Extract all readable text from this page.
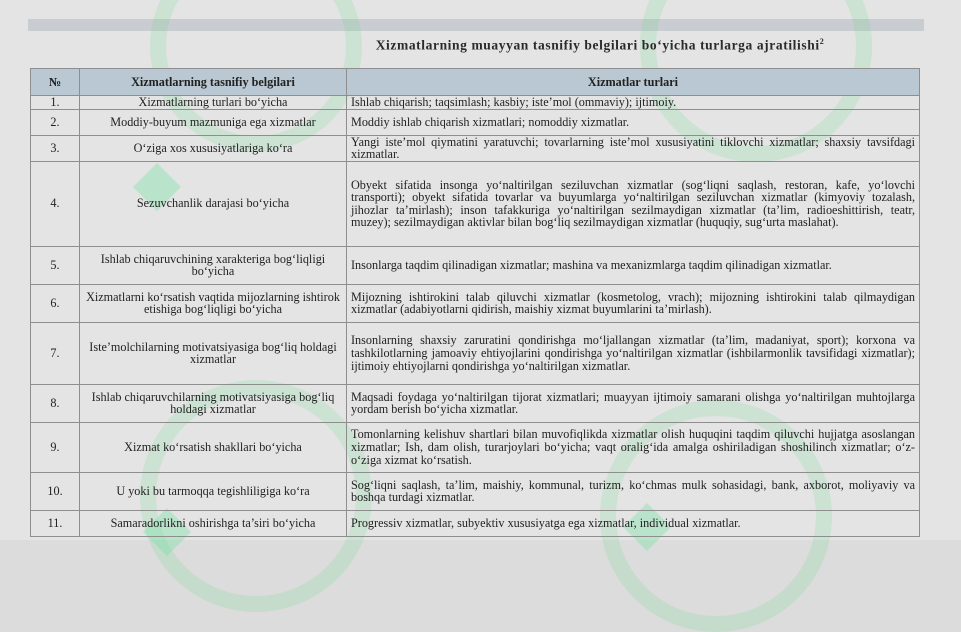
Xizmatlarning muayyan tasnifiy belgilari bo‘yicha turlarga ajratilishi$^2$
№	Xizmatlarning tasnifiy belgilari	Xizmatlar turlari
1.	Xizmatlarning turlari bo‘yicha	Ishlab chiqarish; taqsimlash; kasbiy; iste’mol (ommaviy); ijtimoiy.
2.	Moddiy-buyum mazmuniga ega xizmatlar	Moddiy ishlab chiqarish xizmatlari; nomoddiy xizmatlar.
3.	O‘ziga xos xususiyatlariga ko‘ra	Yangi iste’mol qiymatini yaratuvchi; tovarlarning iste’mol xususiyatini tiklovchi xizmatlar; shaxsiy tavsifdagi xizmatlar.
4.	Sezuvchanlik darajasi bo‘yicha	Obyekt sifatida insonga yo‘naltirilgan seziluvchan xizmatlar (sog‘liqni saqlash, restoran, kafe, yo‘lovchi transporti); obyekt sifatida tovarlar va buyumlarga yo‘naltirilgan seziluvchan xizmatlar (kimyoviy tozalash, jihozlar ta’mirlash); inson tafakkuriga yo‘naltirilgan sezilmaydigan xizmatlar (ta’lim, radioeshittirish, teatr, muzey); sezilmaydigan aktivlar bilan bog‘liq sezilmaydigan xizmatlar (huquqiy, sug‘urta maslahat).
5.	Ishlab chiqaruvchining xarakteriga bog‘liqligi bo‘yicha	Insonlarga taqdim qilinadigan xizmatlar; mashina va mexanizmlarga taqdim qilinadigan xizmatlar.
6.	Xizmatlarni ko‘rsatish vaqtida mijozlarning ishtirok etishiga bog‘liqligi bo‘yicha	Mijozning ishtirokini talab qiluvchi xizmatlar (kosmetolog, vrach); mijozning ishtirokini talab qilmaydigan xizmatlar (adabiyotlarni qidirish, maishiy xizmat buyumlarini ta’mirlash).
7.	Iste’molchilarning motivatsiyasiga bog‘liq holdagi xizmatlar	Insonlarning shaxsiy zaruratini qondirishga mo‘ljallangan xizmatlar (ta’lim, madaniyat, sport); korxona va tashkilotlarning jamoaviy ehtiyojlarini qondirishga yo‘naltirilgan xizmatlar (ishbilarmonlik tavsifidagi xizmatlar); ijtimoiy ehtiyojlarni qondirishga yo‘naltirilgan xizmatlar.
8.	Ishlab chiqaruvchilarning motivatsiyasiga bog‘liq holdagi xizmatlar	Maqsadi foydaga yo‘naltirilgan tijorat xizmatlari; muayyan ijtimoiy samarani olishga yo‘naltirilgan muhtojlarga yordam berish bo‘yicha xizmatlar.
9.	Xizmat ko‘rsatish shakllari bo‘yicha	Tomonlarning kelishuv shartlari bilan muvofiqlikda xizmatlar olish huquqini taqdim qiluvchi hujjatga asoslangan xizmatlar; Ish, dam olish, turarjoylari bo‘yicha; vaqt oralig‘ida amalga oshiriladigan shoshilinch xizmatlar; o‘z-o‘ziga xizmat ko‘rsatish.
10.	U yoki bu tarmoqqa tegishliligiga ko‘ra	Sog‘liqni saqlash, ta’lim, maishiy, kommunal, turizm, ko‘chmas mulk sohasidagi, bank, axborot, moliyaviy va boshqa turdagi xizmatlar.
11.	Samaradorlikni oshirishga ta’siri bo‘yicha	Progressiv xizmatlar, subyektiv xususiyatga ega xizmatlar, individual xizmatlar.
